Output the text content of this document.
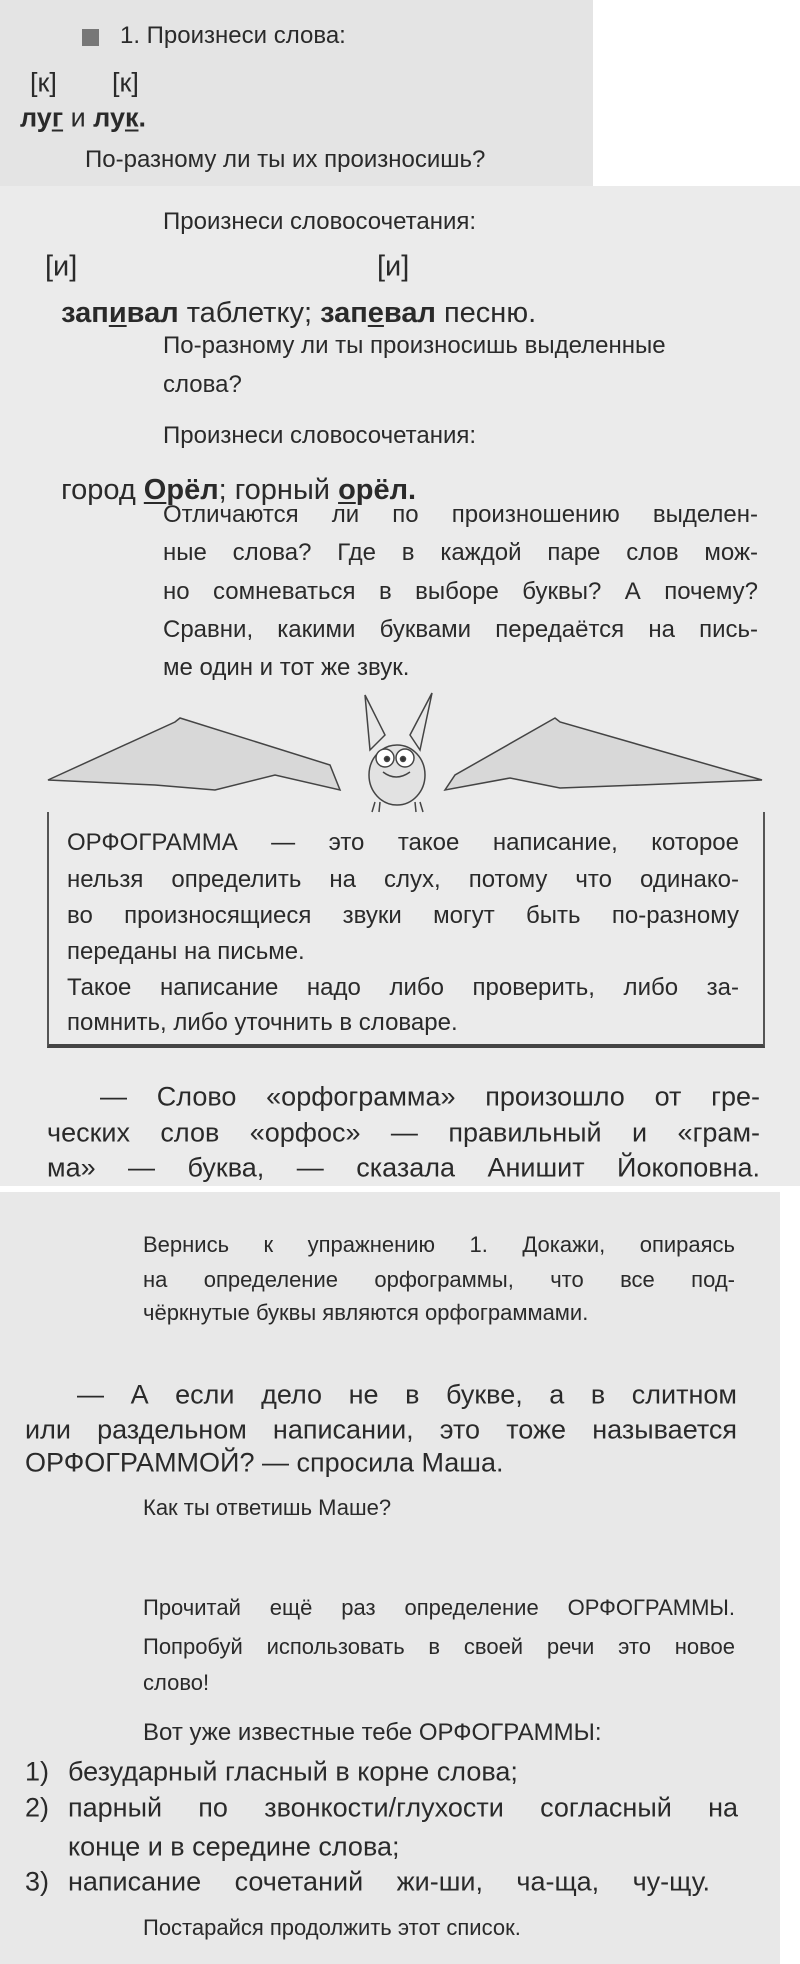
1. Произнеси слова:
[к] [к]
луг и лук.
По-разному ли ты их произносишь?
Произнеси словосочетания:
[и]	[и]

запивал таблетку; запевал песню.

По-разному ли ты произносишь выделенные
слова?
Произнеси словосочетания:

город Орёл; горный орёл.

Отличаются ли по произношению выделен-
ные слова? Где в каждой паре слов мож-
но сомневаться в выборе буквы? А почему?
Сравни, какими буквами передаётся на пись-
ме один и тот же звук.
ОРФОГРАММА — это такое написание, которое
нельзя определить на слух, потому что одинако-
во произносящиеся звуки могут быть по-разному
переданы на письме.
Такое написание надо либо проверить, либо за-
помнить, либо уточнить в словаре.
— Слово «орфограмма» произошло от гре-
ческих слов «орфос» — правильный и «грам-
ма» — буква, — сказала Анишит Йокоповна.
Вернись к упражнению 1. Докажи, опираясь
на определение орфограммы, что все под-
чёркнутые буквы являются орфограммами.
— А если дело не в букве, а в слитном
или раздельном написании, это тоже называется
ОРФОГРАММОЙ? — спросила Маша.
Как ты ответишь Маше?
Прочитай ещё раз определение ОРФОГРАММЫ.
Попробуй использовать в своей речи это новое
слово!
Вот уже известные тебе ОРФОГРАММЫ:
1) безударный гласный в корне слова;
2) парный по звонкости/глухости согласный на
конце и в середине слова;
3) написание сочетаний жи-ши, ча-ща, чу-щу.
Постарайся продолжить этот список.
